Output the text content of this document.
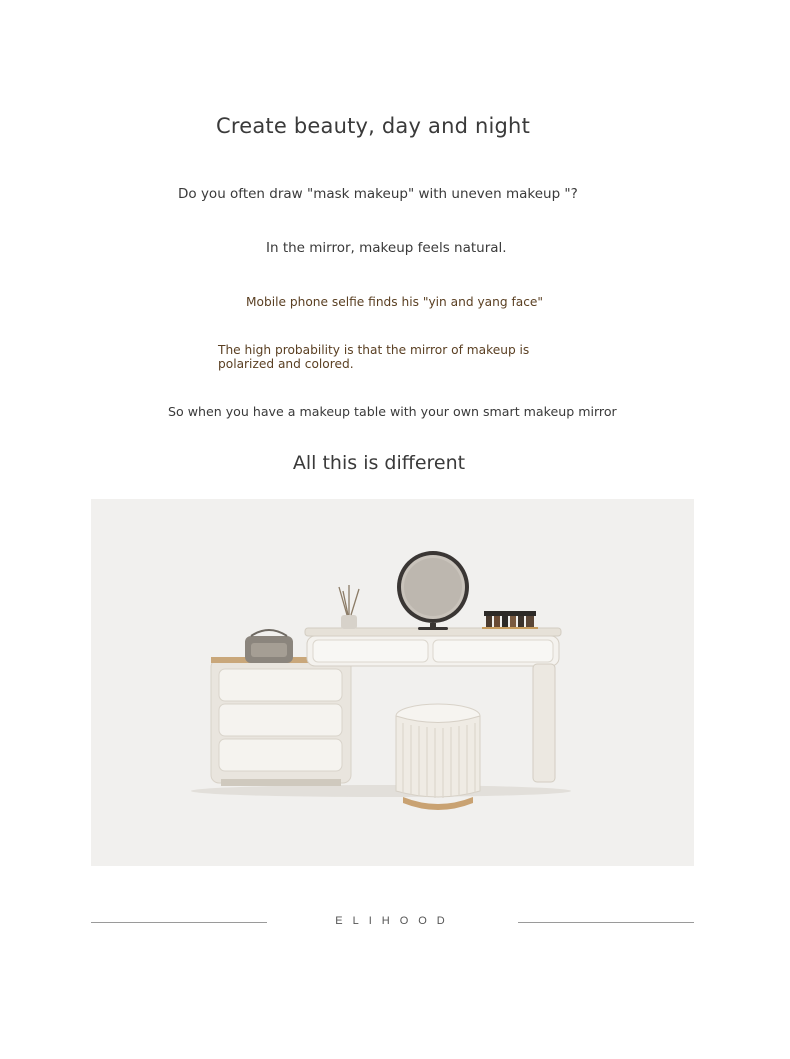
Create beauty, day and night
Do you often draw "mask makeup" with uneven makeup "?
In the mirror, makeup feels natural.
Mobile phone selfie finds his "yin and yang face"
The high probability is that the mirror of makeup is polarized and colored.
So when you have a makeup table with your own smart makeup mirror
All this is different
ELIHOOD
